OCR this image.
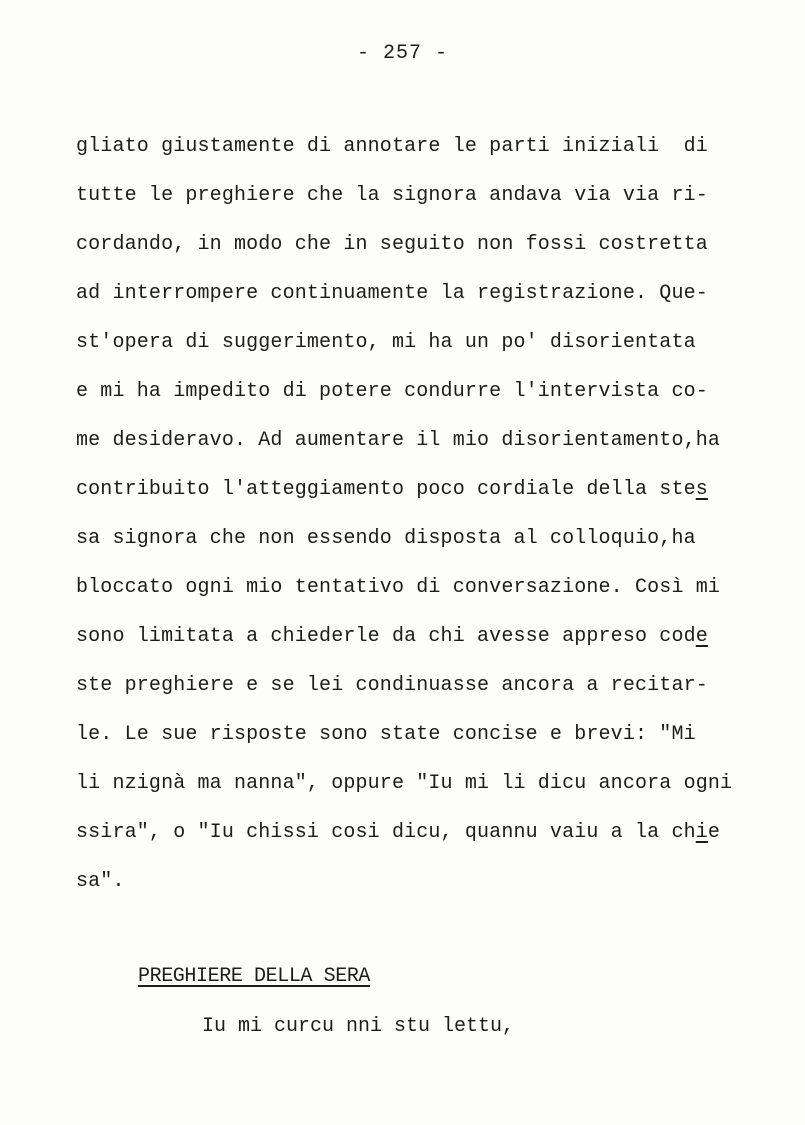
- 257 -
gliato giustamente di annotare le parti iniziali  di
tutte le preghiere che la signora andava via via ri-
cordando, in modo che in seguito non fossi costretta
ad interrompere continuamente la registrazione. Que-
st'opera di suggerimento, mi ha un po' disorientata
e mi ha impedito di potere condurre l'intervista co-
me desideravo. Ad aumentare il mio disorientamento,ha
contribuito l'atteggiamento poco cordiale della stes
sa signora che non essendo disposta al colloquio,ha
bloccato ogni mio tentativo di conversazione. Così mi
sono limitata a chiederle da chi avesse appreso code
ste preghiere e se lei condinuasse ancora a recitar-
le. Le sue risposte sono state concise e brevi: "Mi
li nzignà ma nanna", oppure "Iu mi li dicu ancora ogni
ssira", o "Iu chissi cosi dicu, quannu vaiu a la chie
sa".
PREGHIERE DELLA SERA
Iu mi curcu nni stu lettu,
